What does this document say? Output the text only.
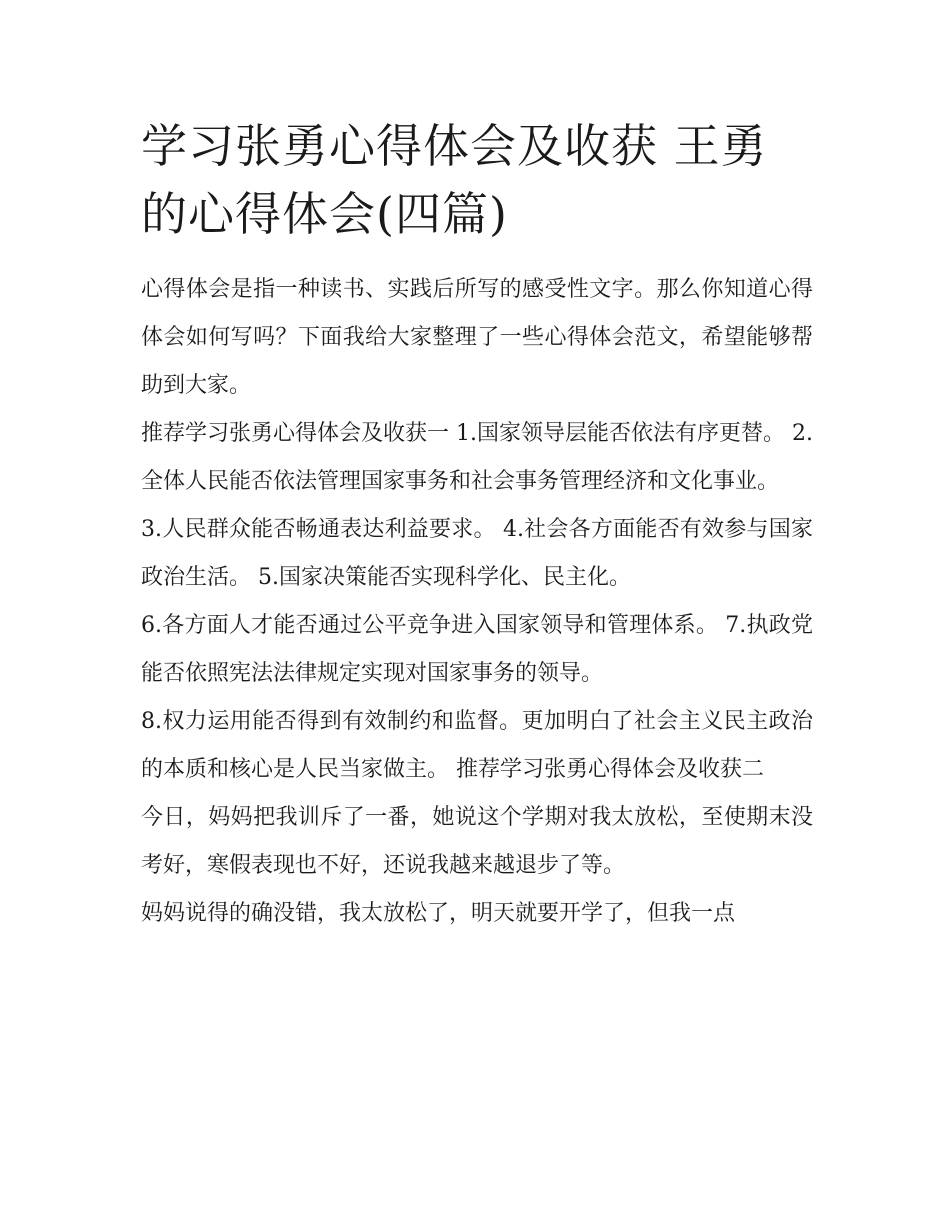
学习张勇心得体会及收获 王勇的心得体会(四篇)

心得体会是指一种读书、实践后所写的感受性文字。那么你知道心得体会如何写吗？下面我给大家整理了一些心得体会范文，希望能够帮助到大家。

推荐学习张勇心得体会及收获一 1.国家领导层能否依法有序更替。 2.全体人民能否依法管理国家事务和社会事务管理经济和文化事业。

3.人民群众能否畅通表达利益要求。 4.社会各方面能否有效参与国家政治生活。 5.国家决策能否实现科学化、民主化。

6.各方面人才能否通过公平竞争进入国家领导和管理体系。 7.执政党能否依照宪法法律规定实现对国家事务的领导。

8.权力运用能否得到有效制约和监督。更加明白了社会主义民主政治的本质和核心是人民当家做主。 推荐学习张勇心得体会及收获二

今日，妈妈把我训斥了一番，她说这个学期对我太放松，至使期末没考好，寒假表现也不好，还说我越来越退步了等。

妈妈说得的确没错，我太放松了，明天就要开学了，但我一点
